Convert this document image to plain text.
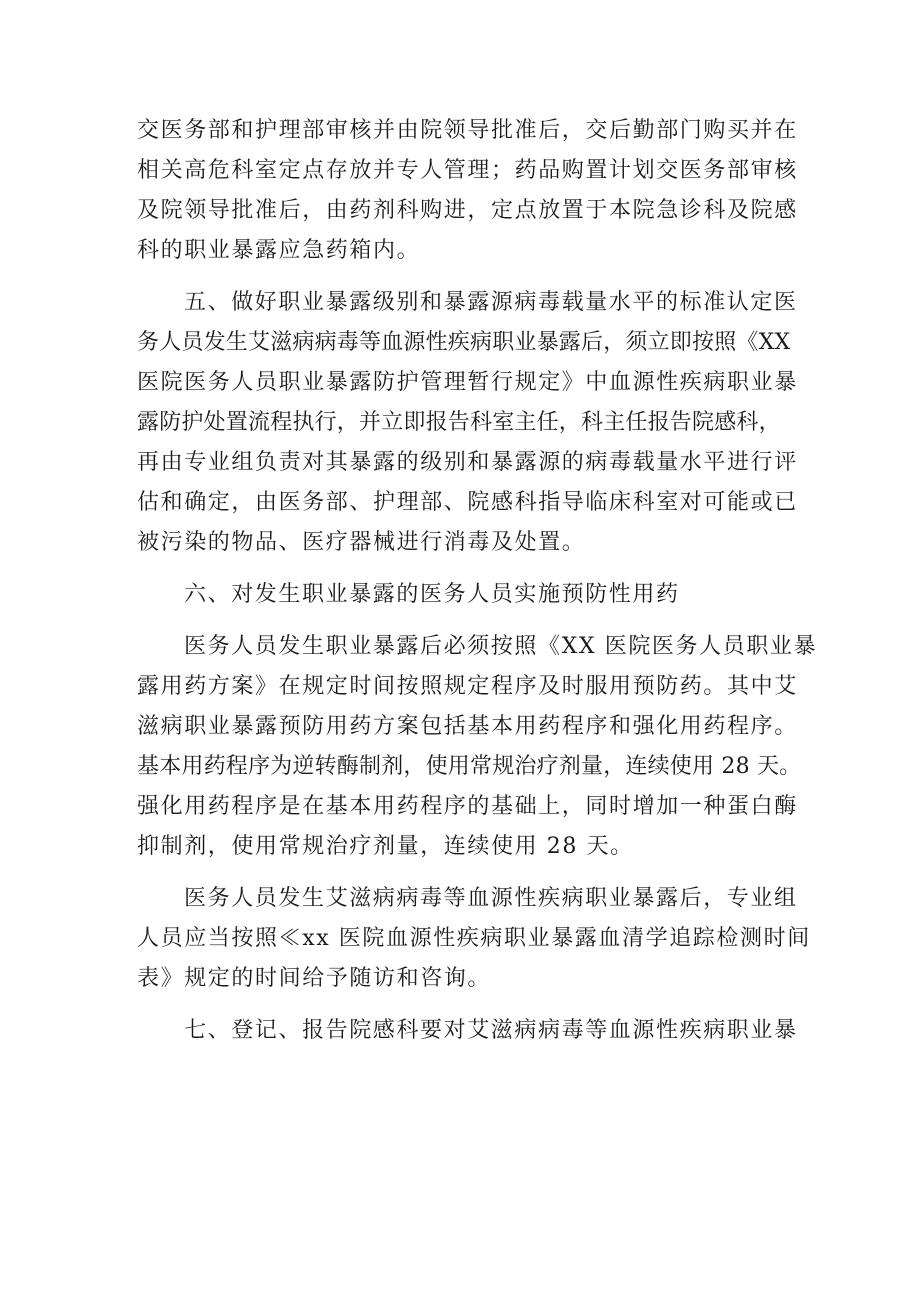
交医务部和护理部审核并由院领导批准后，交后勤部门购买并在
相关高危科室定点存放并专人管理；药品购置计划交医务部审核
及院领导批准后，由药剂科购进，定点放置于本院急诊科及院感
科的职业暴露应急药箱内。
五、做好职业暴露级别和暴露源病毒载量水平的标准认定医
务人员发生艾滋病病毒等血源性疾病职业暴露后，须立即按照《XX
医院医务人员职业暴露防护管理暂行规定》中血源性疾病职业暴
露防护处置流程执行，并立即报告科室主任，科主任报告院感科，
再由专业组负责对其暴露的级别和暴露源的病毒载量水平进行评
估和确定，由医务部、护理部、院感科指导临床科室对可能或已
被污染的物品、医疗器械进行消毒及处置。
六、对发生职业暴露的医务人员实施预防性用药
医务人员发生职业暴露后必须按照《XX 医院医务人员职业暴
露用药方案》在规定时间按照规定程序及时服用预防药。其中艾
滋病职业暴露预防用药方案包括基本用药程序和强化用药程序。
基本用药程序为逆转酶制剂，使用常规治疗剂量，连续使用 28 天。
强化用药程序是在基本用药程序的基础上，同时增加一种蛋白酶
抑制剂，使用常规治疗剂量，连续使用 28 天。
医务人员发生艾滋病病毒等血源性疾病职业暴露后，专业组
人员应当按照≪xx 医院血源性疾病职业暴露血清学追踪检测时间
表》规定的时间给予随访和咨询。
七、登记、报告院感科要对艾滋病病毒等血源性疾病职业暴
